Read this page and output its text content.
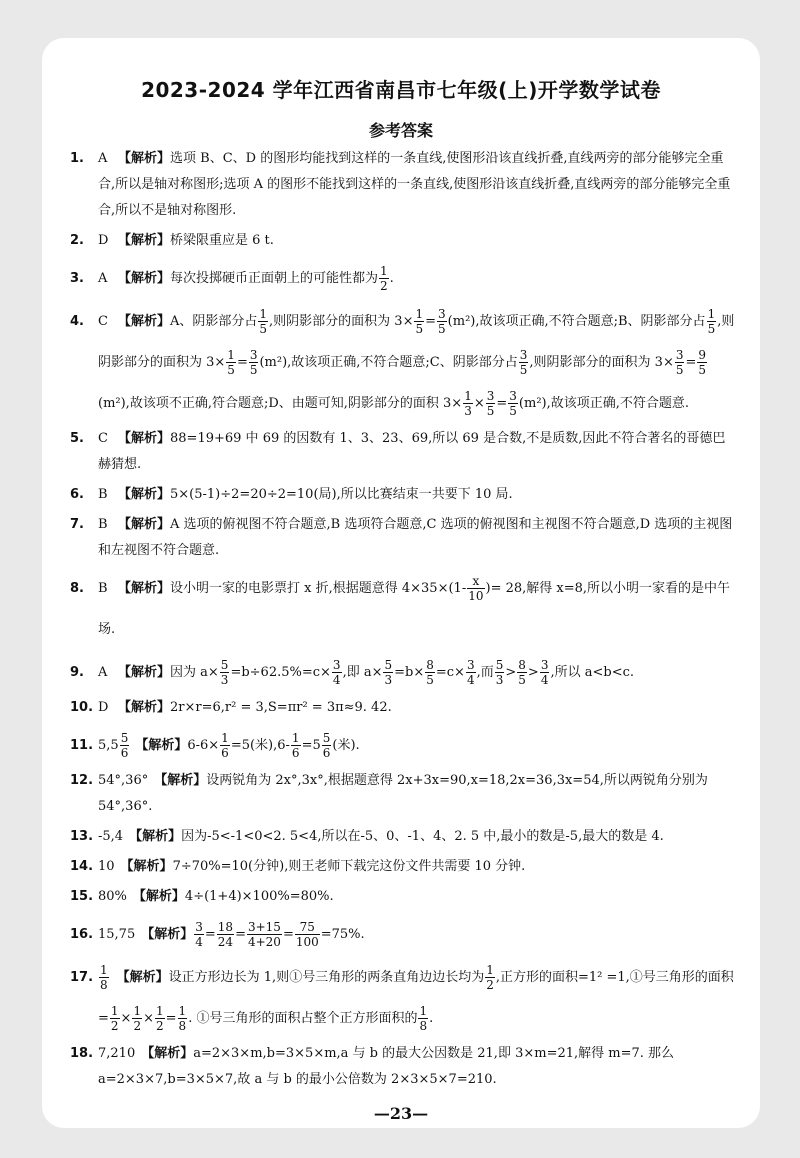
2023-2024 学年江西省南昌市七年级(上)开学数学试卷
参考答案
1. A 【解析】选项 B、C、D 的图形均能找到这样的一条直线,使图形沿该直线折叠,直线两旁的部分能够完全重合,所以是轴对称图形;选项 A 的图形不能找到这样的一条直线,使图形沿该直线折叠,直线两旁的部分能够完全重合,所以不是轴对称图形.
2. D 【解析】桥梁限重应是 6 t.
3. A 【解析】每次投掷硬币正面朝上的可能性都为 $\frac{1}{2}$ .
4. C 【解析】A、阴影部分占 $\frac{1}{5}$ ,则阴影部分的面积为 $3\times \frac{1}{5} = \frac{3}{5} (m^2)$,故该项正确,不符合题意;B、阴影部分占 $\frac{1}{5}$ ,则阴影部分的面积为 $3\times \frac{1}{5} = \frac{3}{5} (m^2)$,故该项正确,不符合题意;C、阴影部分占 $\frac{3}{5}$ ,则阴影部分的面积为 $3\times \frac{3}{5} = \frac{9}{5}$
(m²),故该项不正确,符合题意;D、由题可知,阴影部分的面积 $3\times \frac{1}{3} \times \frac{3}{5} = \frac{3}{5} (m^2)$,故该项正确,不符合题意.
5. C 【解析】88=19+69 中 69 的因数有 1、3、23、69,所以 69 是合数,不是质数,因此不符合著名的哥德巴赫猜想.
6. B 【解析】5×(5-1)÷2=20÷2=10(局),所以比赛结束一共要下 10 局.
7. B 【解析】A 选项的俯视图不符合题意,B 选项符合题意,C 选项的俯视图和主视图不符合题意,D 选项的主视图和左视图不符合题意.
8. B 【解析】设小明一家的电影票打 x 折,根据题意得 $4\times 35\times(1- \frac{x}{10}$ )= 28,解得 x=8,所以小明一家看的是中午场.
9. A 【解析】因为 $a\times \frac{5}{3} =b\div 62.5\%=c\times \frac{3}{4}$ ,即 $a\times \frac{5}{3} =b\times \frac{8}{5} =c\times \frac{3}{4}$ ,而 $\frac{5}{3} > \frac{8}{5} > \frac{3}{4}$ ,所以 a<b<c.
10. D 【解析】2r×r=6,r² = 3,S=πr² = 3π≈9. 42.
11. $5,5 \frac{5}{6}$ 【解析】$6-6\times \frac{1}{6} =5$(米)$,6- \frac{1}{6} =5 \frac{5}{6}$ (米).
12. 54°,36° 【解析】设两锐角为 2x°,3x°,根据题意得 2x+3x=90,x=18,2x=36,3x=54,所以两锐角分别为 54°,36°.
13. -5,4 【解析】因为-5<-1<0<2. 5<4,所以在-5、0、-1、4、2. 5 中,最小的数是-5,最大的数是 4.
14. 10 【解析】7÷70%=10(分钟),则王老师下载完这份文件共需要 10 分钟.
15. 80% 【解析】4÷(1+4)×100%=80%.
16. 15,75 【解析】 $\frac{3}{4} = \frac{18}{24} = \frac{3+15}{4+20} = \frac{75}{100} =75\%$.
17. $\frac{1}{8}$ 【解析】设正方形边长为 1,则①号三角形的两条直角边边长均为 $\frac{1}{2}$ ,正方形的面积=1² =1,①号三角形的面积= $\frac{1}{2} \times \frac{1}{2} \times \frac{1}{2} = \frac{1}{8}$ . ①号三角形的面积占整个正方形面积的 $\frac{1}{8}$ .
18. 7,210 【解析】a=2×3×m,b=3×5×m,a 与 b 的最大公因数是 21,即 3×m=21,解得 m=7. 那么 a=2×3×7,b=3×5×7,故 a 与 b 的最小公倍数为 2×3×5×7=210.
—23—
